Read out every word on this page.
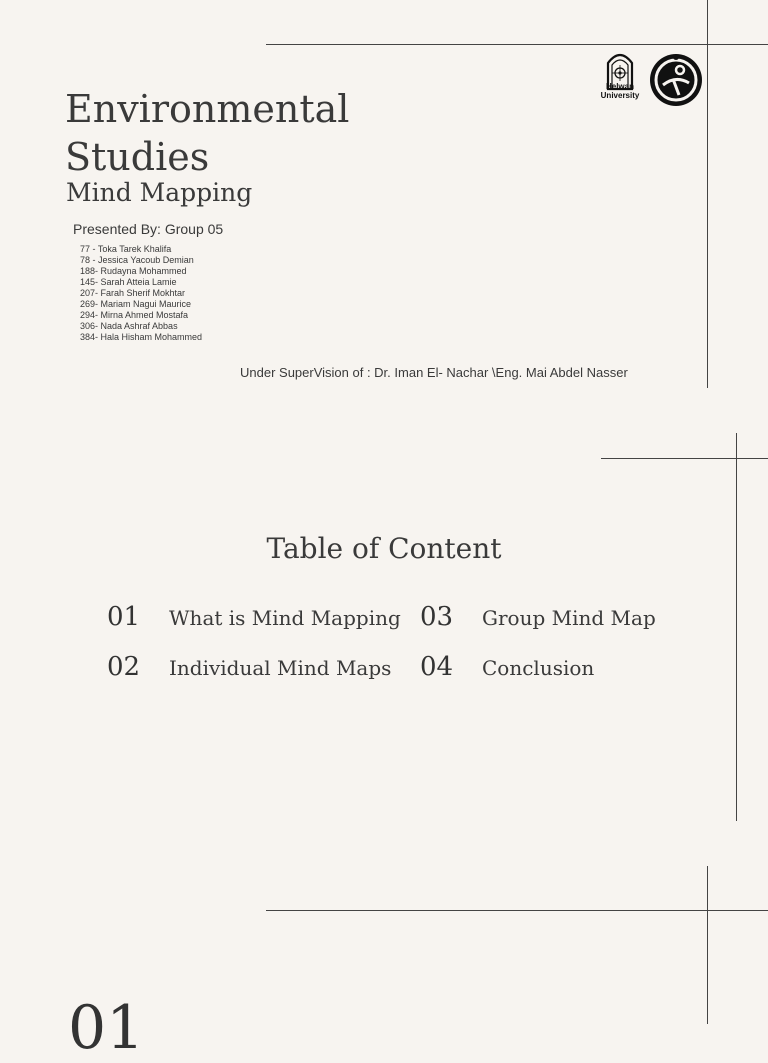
Helwan
University
Environmental
Studies
Mind Mapping
Presented By: Group 05
77 - Toka Tarek Khalifa
78 - Jessica Yacoub Demian
188- Rudayna Mohammed
145- Sarah Atteia Lamie
207- Farah Sherif Mokhtar
269- Mariam Nagui Maurice
294- Mirna Ahmed Mostafa
306- Nada Ashraf Abbas
384- Hala Hisham Mohammed
Under SuperVision of : Dr. Iman El- Nachar \Eng. Mai Abdel Nasser
Table of Content
01	What is Mind Mapping
02	Individual Mind Maps
03	Group Mind Map
04	Conclusion
01
